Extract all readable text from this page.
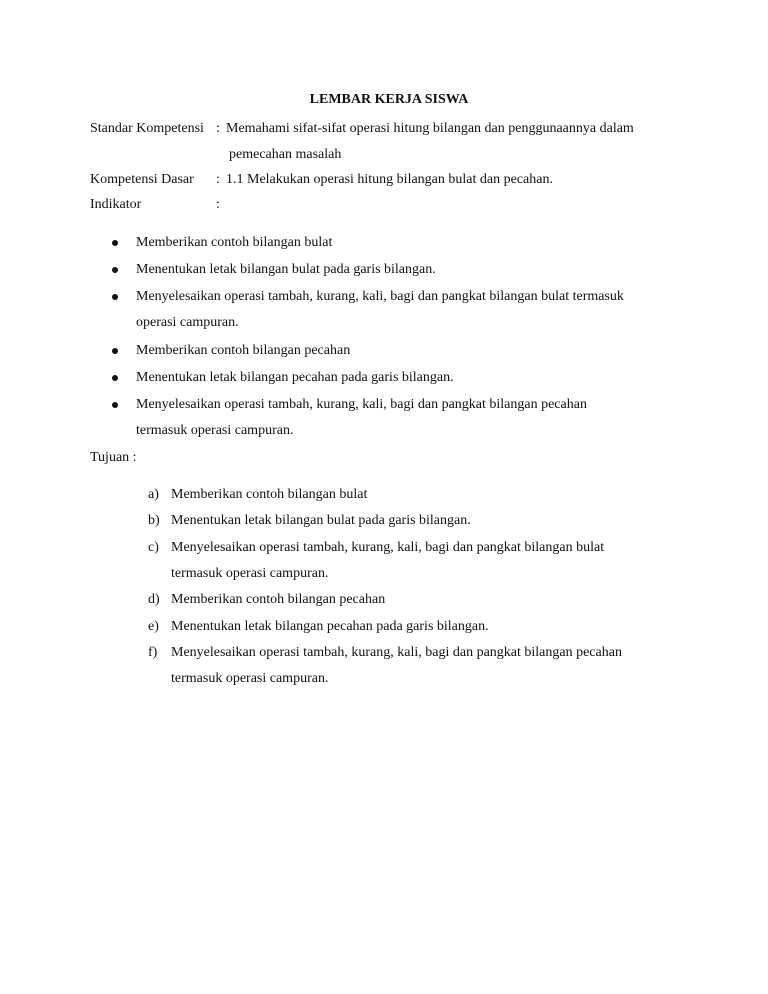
LEMBAR KERJA SISWA
Standar Kompetensi : Memahami sifat-sifat operasi hitung bilangan dan penggunaannya dalam
pemecahan masalah
Kompetensi Dasar : 1.1 Melakukan operasi hitung bilangan bulat dan pecahan.
Indikator	:
Memberikan contoh bilangan bulat
Menentukan letak bilangan bulat pada garis bilangan.
Menyelesaikan operasi tambah, kurang, kali, bagi dan pangkat bilangan bulat termasuk
operasi campuran.
Memberikan contoh bilangan pecahan
Menentukan letak bilangan pecahan pada garis bilangan.
Menyelesaikan operasi tambah, kurang, kali, bagi dan pangkat bilangan pecahan
termasuk operasi campuran.
Tujuan :
a) Memberikan contoh bilangan bulat
b) Menentukan letak bilangan bulat pada garis bilangan.
c) Menyelesaikan operasi tambah, kurang, kali, bagi dan pangkat bilangan bulat
termasuk operasi campuran.
d) Memberikan contoh bilangan pecahan
e) Menentukan letak bilangan pecahan pada garis bilangan.
f) Menyelesaikan operasi tambah, kurang, kali, bagi dan pangkat bilangan pecahan
termasuk operasi campuran.
